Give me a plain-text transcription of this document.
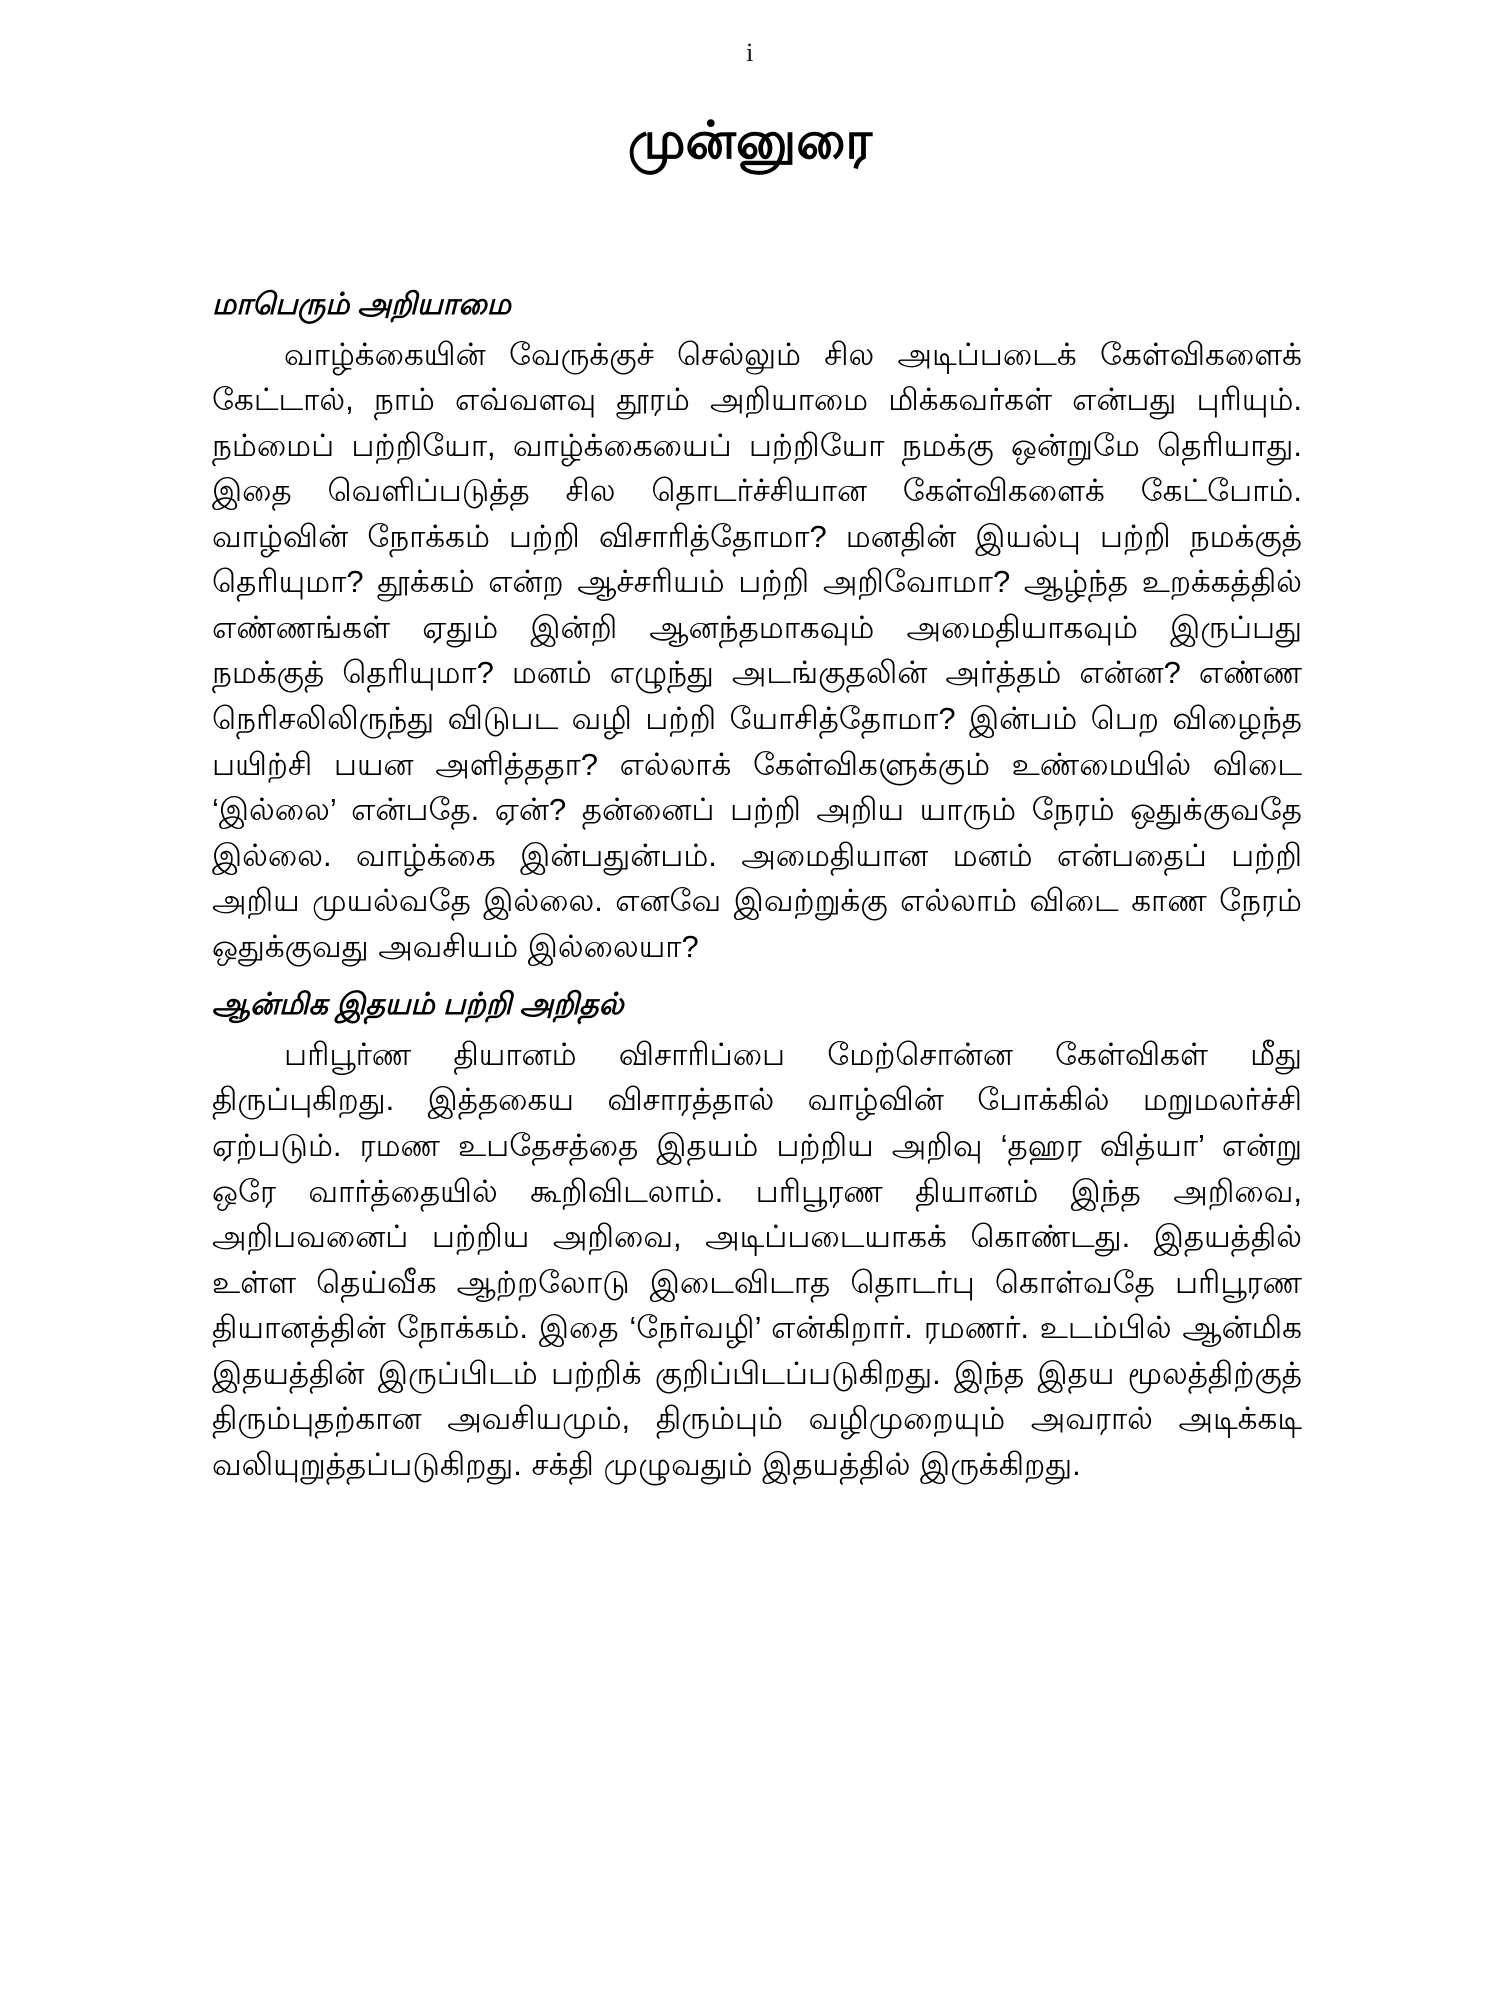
i
முன்னுரை
மாபெரும் அறியாமை

வாழ்க்கையின் வேருக்குச் செல்லும் சில அடிப்படைக் கேள்விகளைக் கேட்டால், நாம் எவ்வளவு தூரம் அறியாமை மிக்கவர்கள் என்பது புரியும். நம்மைப் பற்றியோ, வாழ்க்கையைப் பற்றியோ நமக்கு ஒன்றுமே தெரியாது. இதை வெளிப்படுத்த சில தொடர்ச்சியான கேள்விகளைக் கேட்போம். வாழ்வின் நோக்கம் பற்றி விசாரித்தோமா? மனதின் இயல்பு பற்றி நமக்குத் தெரியுமா? தூக்கம் என்ற ஆச்சரியம் பற்றி அறிவோமா? ஆழ்ந்த உறக்கத்தில் எண்ணங்கள் ஏதும் இன்றி ஆனந்தமாகவும் அமைதியாகவும் இருப்பது நமக்குத் தெரியுமா? மனம் எழுந்து அடங்குதலின் அர்த்தம் என்ன? எண்ண நெரிசலிலிருந்து விடுபட வழி பற்றி யோசித்தோமா? இன்பம் பெற விழைந்த பயிற்சி பயன அளித்ததா? எல்லாக் கேள்விகளுக்கும் உண்மையில் விடை ‘இல்லை’ என்பதே. ஏன்? தன்னைப் பற்றி அறிய யாரும் நேரம் ஒதுக்குவதே இல்லை. வாழ்க்கை இன்பதுன்பம். அமைதியான மனம் என்பதைப் பற்றி அறிய முயல்வதே இல்லை. எனவே இவற்றுக்கு எல்லாம் விடை காண நேரம் ஒதுக்குவது அவசியம் இல்லையா?

ஆன்மிக இதயம் பற்றி அறிதல்

பரிபூர்ண தியானம் விசாரிப்பை மேற்சொன்ன கேள்விகள் மீது திருப்புகிறது. இத்தகைய விசாரத்தால் வாழ்வின் போக்கில் மறுமலர்ச்சி ஏற்படும். ரமண உபதேசத்தை இதயம் பற்றிய அறிவு ‘தஹர வித்யா’ என்று ஒரே வார்த்தையில் கூறிவிடலாம். பரிபூரண தியானம் இந்த அறிவை, அறிபவனைப் பற்றிய அறிவை, அடிப்படையாகக் கொண்டது. இதயத்தில் உள்ள தெய்வீக ஆற்றலோடு இடைவிடாத தொடர்பு கொள்வதே பரிபூரண தியானத்தின் நோக்கம். இதை ‘நேர்வழி’ என்கிறார். ரமணர். உடம்பில் ஆன்மிக இதயத்தின் இருப்பிடம் பற்றிக் குறிப்பிடப்படுகிறது. இந்த இதய மூலத்திற்குத் திரும்புதற்கான அவசியமும், திரும்பும் வழிமுறையும் அவரால் அடிக்கடி வலியுறுத்தப்படுகிறது. சக்தி முழுவதும் இதயத்தில் இருக்கிறது.
